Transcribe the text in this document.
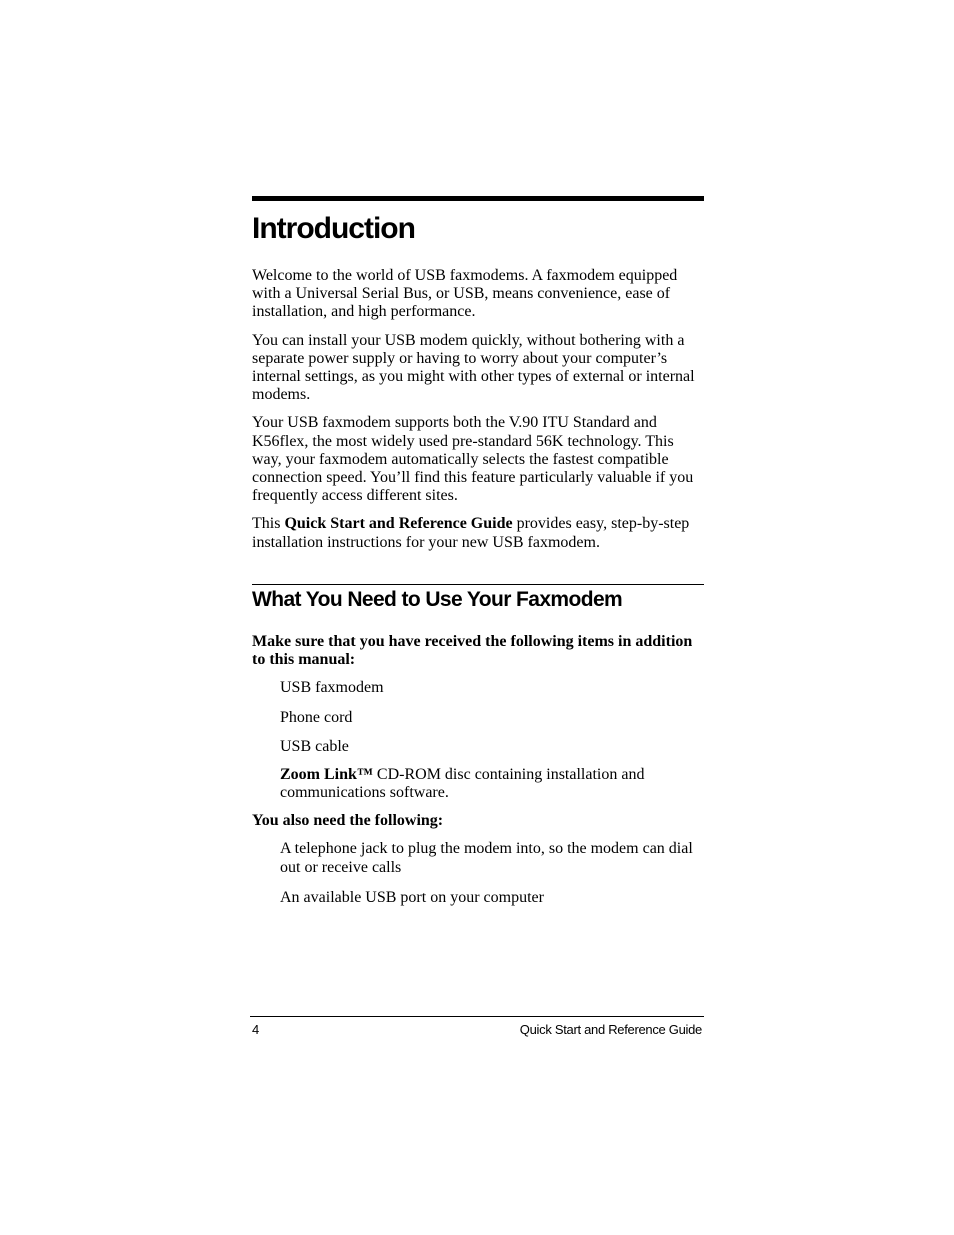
Introduction

Welcome to the world of USB faxmodems. A faxmodem equipped with a Universal Serial Bus, or USB, means convenience, ease of installation, and high performance.

You can install your USB modem quickly, without bothering with a separate power supply or having to worry about your computer’s internal settings, as you might with other types of external or internal modems.

Your USB faxmodem supports both the V.90 ITU Standard and K56flex, the most widely used pre-standard 56K technology. This way, your faxmodem automatically selects the fastest compatible connection speed. You’ll find this feature particularly valuable if you frequently access different sites.

This Quick Start and Reference Guide provides easy, step-by-step installation instructions for your new USB faxmodem.

What You Need to Use Your Faxmodem

Make sure that you have received the following items in addition to this manual:

USB faxmodem

Phone cord

USB cable

Zoom Link™ CD-ROM disc containing installation and communications software.

You also need the following:

A telephone jack to plug the modem into, so the modem can dial out or receive calls

An available USB port on your computer

4	Quick Start and Reference Guide
